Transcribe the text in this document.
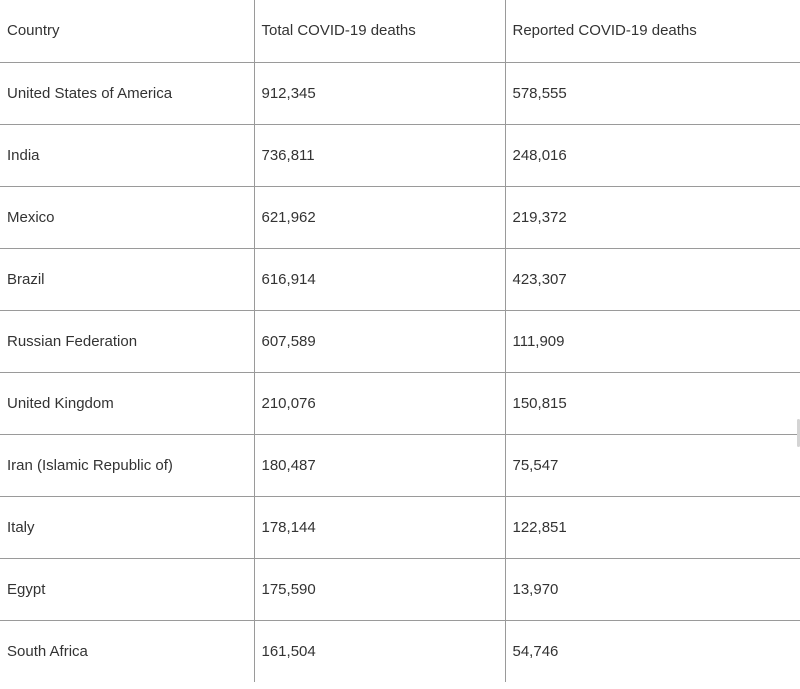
Country	Total COVID-19 deaths	Reported COVID-19 deaths
United States of America	912,345	578,555
India	736,811	248,016
Mexico	621,962	219,372
Brazil	616,914	423,307
Russian Federation	607,589	111,909
United Kingdom	210,076	150,815
Iran (Islamic Republic of)	180,487	75,547
Italy	178,144	122,851
Egypt	175,590	13,970
South Africa	161,504	54,746
